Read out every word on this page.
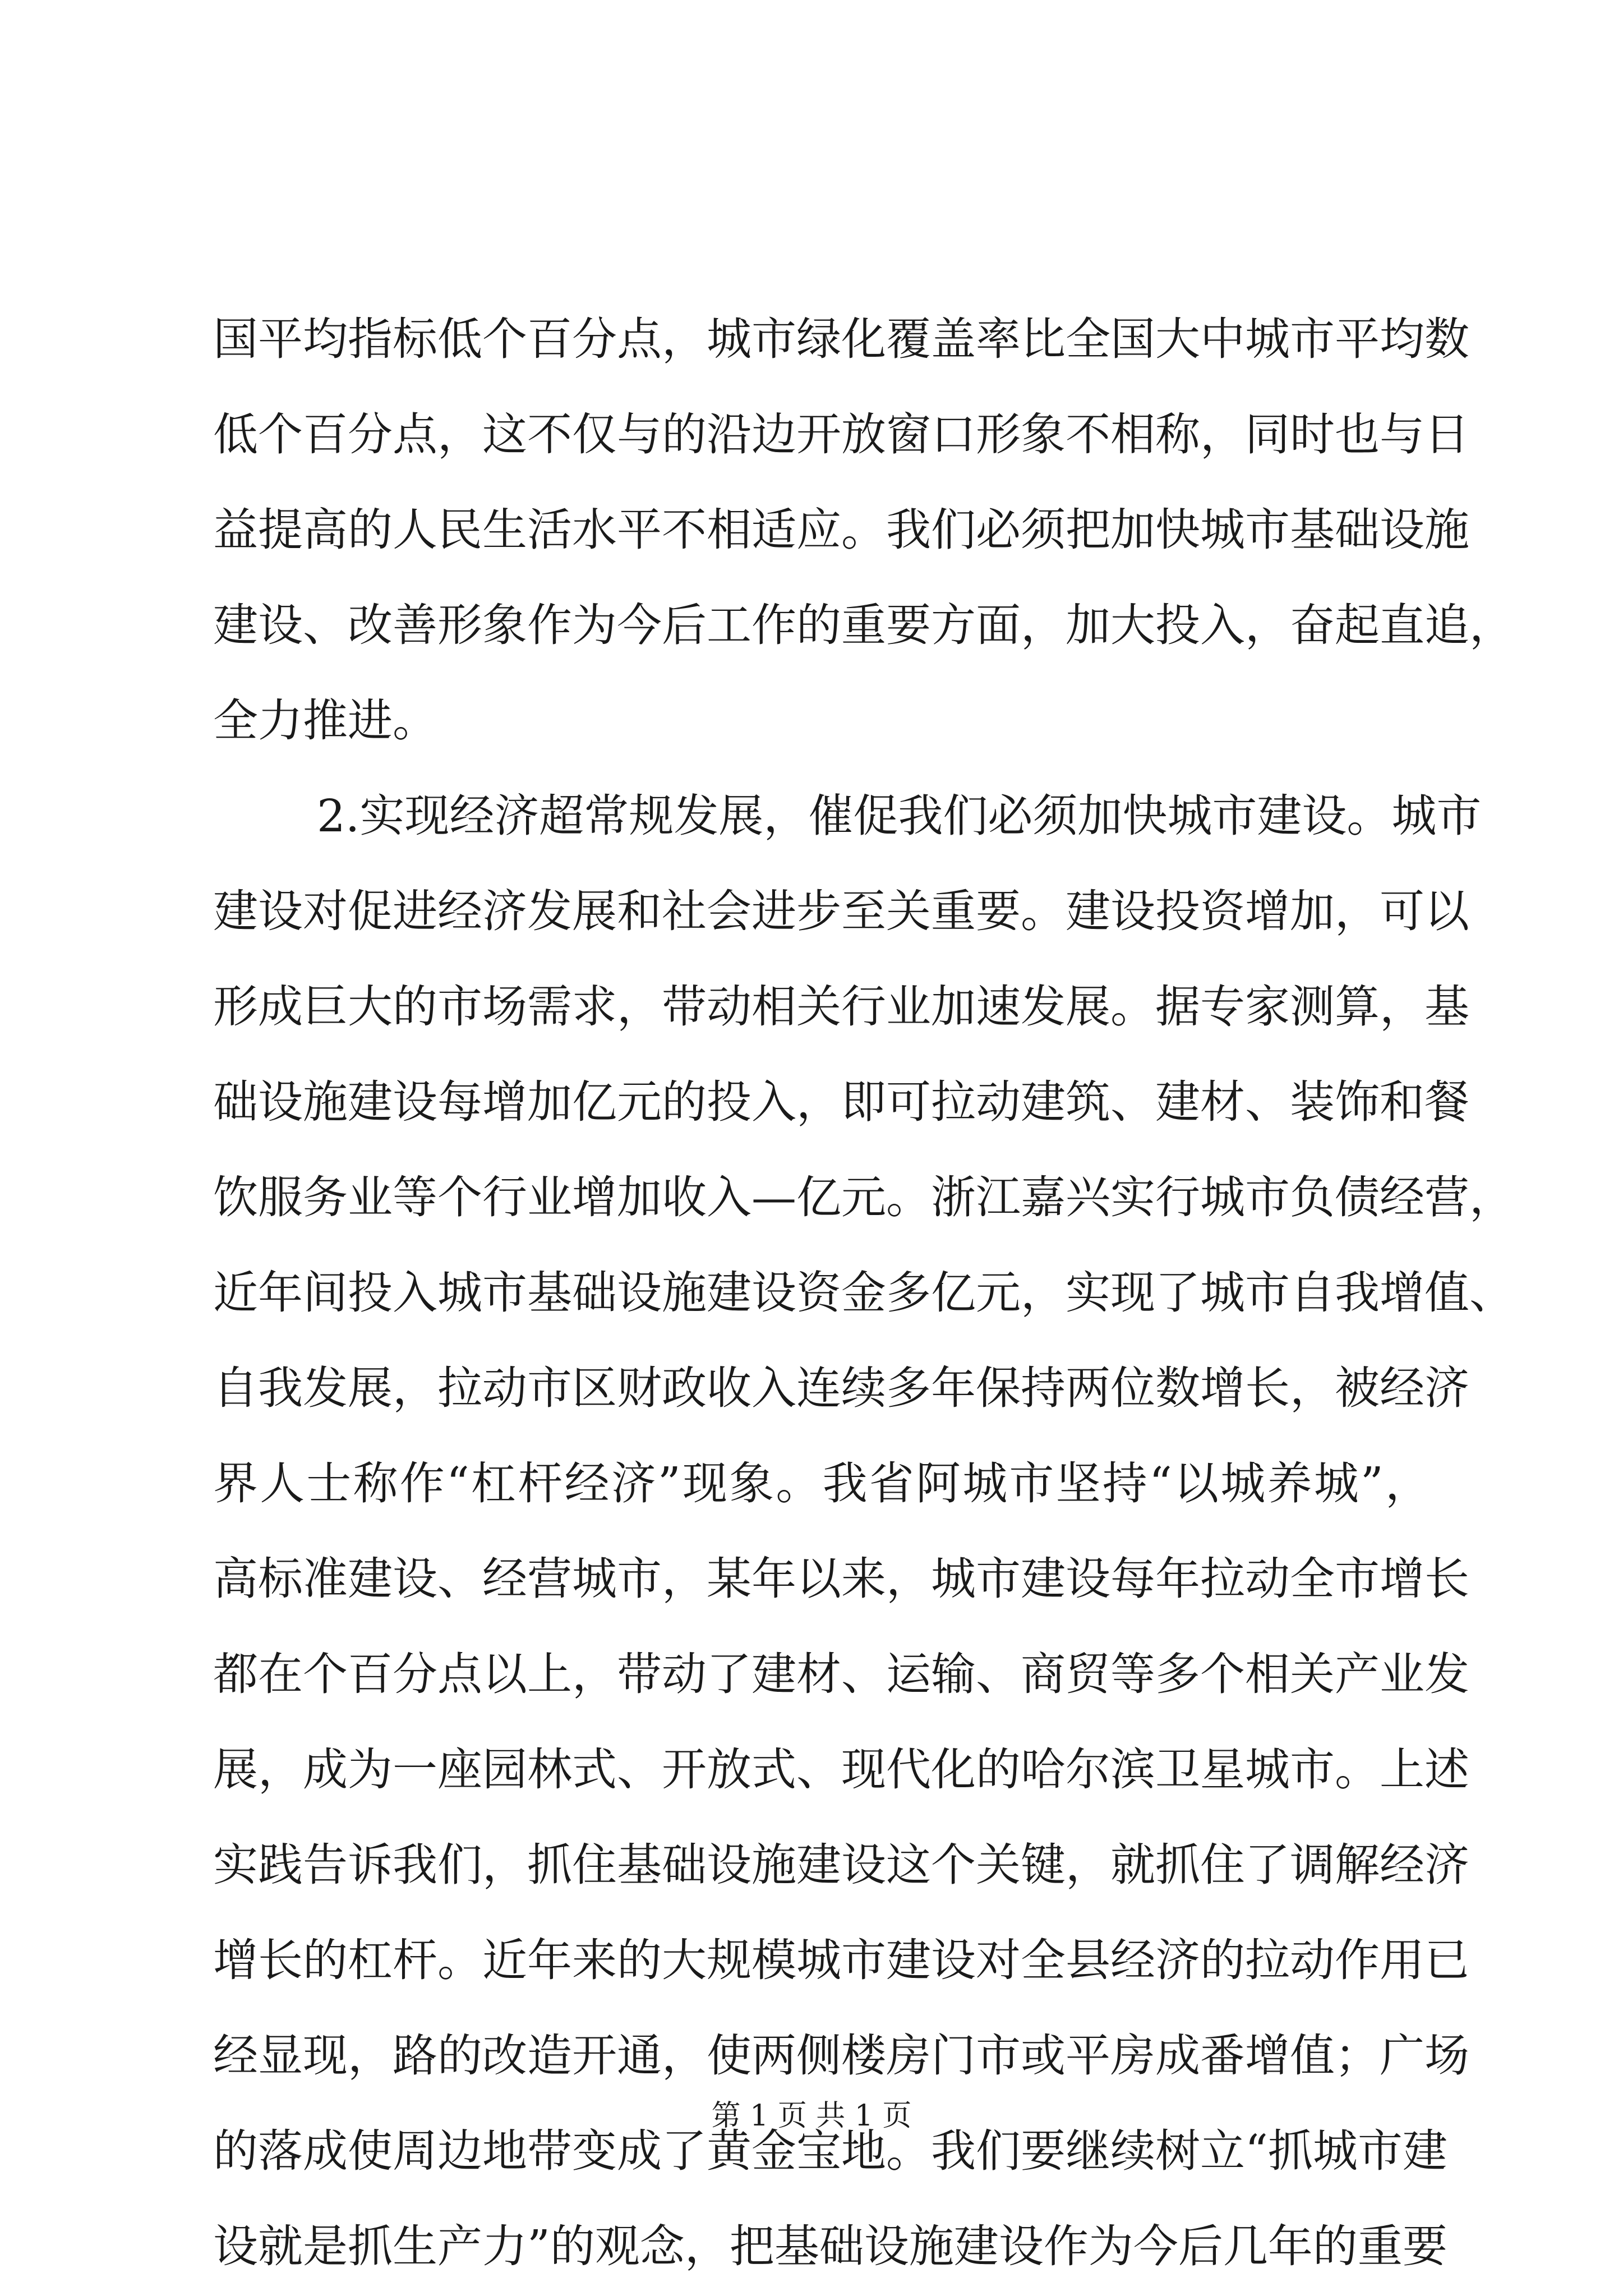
国平均指标低个百分点，城市绿化覆盖率比全国大中城市平均数
低个百分点，这不仅与的沿边开放窗口形象不相称，同时也与日
益提高的人民生活水平不相适应。我们必须把加快城市基础设施
建设、改善形象作为今后工作的重要方面，加大投入，奋起直追，
全力推进。
2.实现经济超常规发展，催促我们必须加快城市建设。城市
建设对促进经济发展和社会进步至关重要。建设投资增加，可以
形成巨大的市场需求，带动相关行业加速发展。据专家测算，基
础设施建设每增加亿元的投入，即可拉动建筑、建材、装饰和餐
饮服务业等个行业增加收入—亿元。浙江嘉兴实行城市负债经营，
近年间投入城市基础设施建设资金多亿元，实现了城市自我增值、
自我发展，拉动市区财政收入连续多年保持两位数增长，被经济
界人士称作“杠杆经济”现象。我省阿城市坚持“以城养城”，
高标准建设、经营城市，某年以来，城市建设每年拉动全市增长
都在个百分点以上，带动了建材、运输、商贸等多个相关产业发
展，成为一座园林式、开放式、现代化的哈尔滨卫星城市。上述
实践告诉我们，抓住基础设施建设这个关键，就抓住了调解经济
增长的杠杆。近年来的大规模城市建设对全县经济的拉动作用已
经显现，路的改造开通，使两侧楼房门市或平房成番增值；广场
的落成使周边地带变成了黄金宝地。我们要继续树立“抓城市建
设就是抓生产力”的观念，把基础设施建设作为今后几年的重要
第 1 页 共 1 页
